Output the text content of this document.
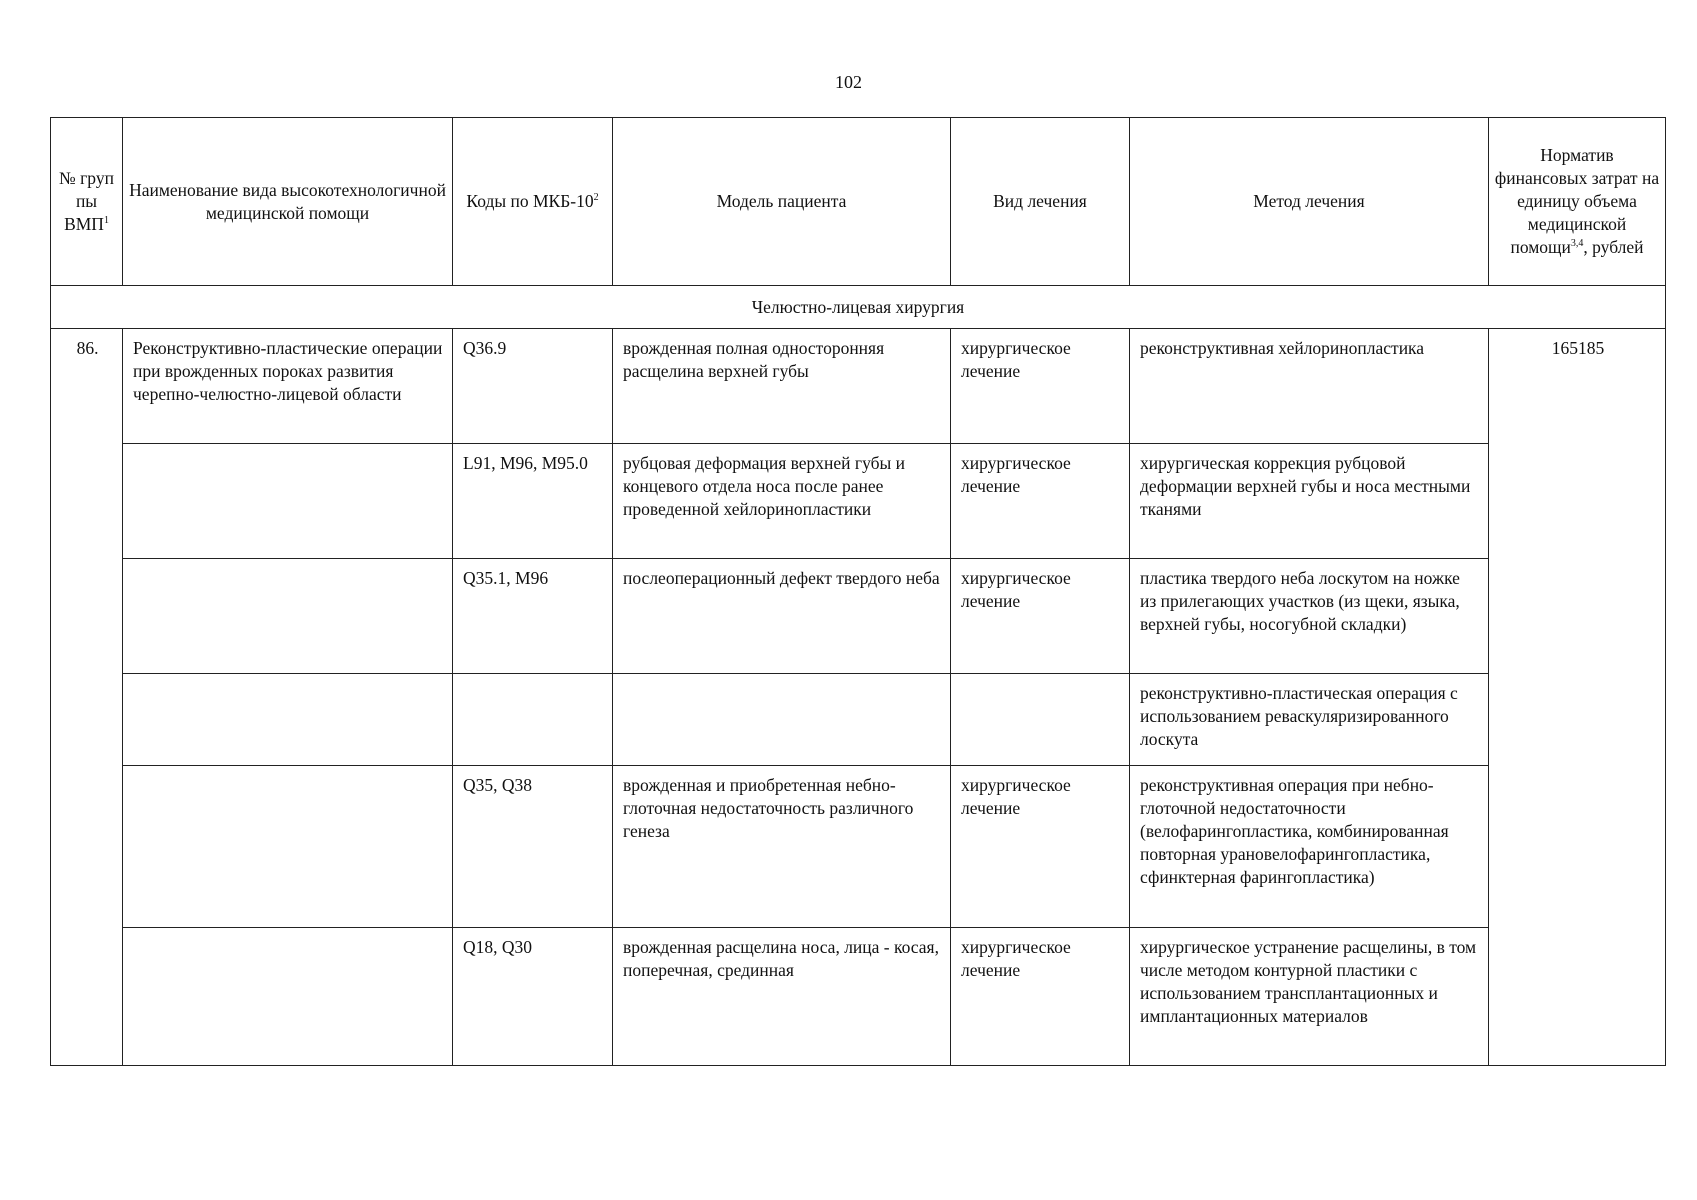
102
№ груп пы ВМП$^1$	Наименование вида высокотехнологичной медицинской помощи	Коды по МКБ-$10^2$	Модель пациента	Вид лечения	Метод лечения	Норматив финансовых затрат на единицу объема медицинской помощи$^{3,4}$, рублей
Челюстно-лицевая хирургия						
86.	Реконструктивно-пластические операции при врожденных пороках развития черепно-челюстно-лицевой области	Q36.9	врожденная полная односторонняя расщелина верхней губы	хирургическое лечение	реконструктивная хейлоринопластика	165185
		L91, M96, M95.0	рубцовая деформация верхней губы и концевого отдела носа после ранее проведенной хейлоринопластики	хирургическое лечение	хирургическая коррекция рубцовой деформации верхней губы и носа местными тканями	
		Q35.1, M96	послеоперационный дефект твердого неба	хирургическое лечение	пластика твердого неба лоскутом на ножке из прилегающих участков (из щеки, языка, верхней губы, носогубной складки)	
					реконструктивно-пластическая операция с использованием реваскуляризированного лоскута	
		Q35, Q38	врожденная и приобретенная небно-глоточная недостаточность различного генеза	хирургическое лечение	реконструктивная операция при небно-глоточной недостаточности (велофарингопластика, комбинированная повторная урановелофарингопластика, сфинктерная фарингопластика)	
		Q18, Q30	врожденная расщелина носа, лица - косая, поперечная, срединная	хирургическое лечение	хирургическое устранение расщелины, в том числе методом контурной пластики с использованием трансплантационных и имплантационных материалов	
